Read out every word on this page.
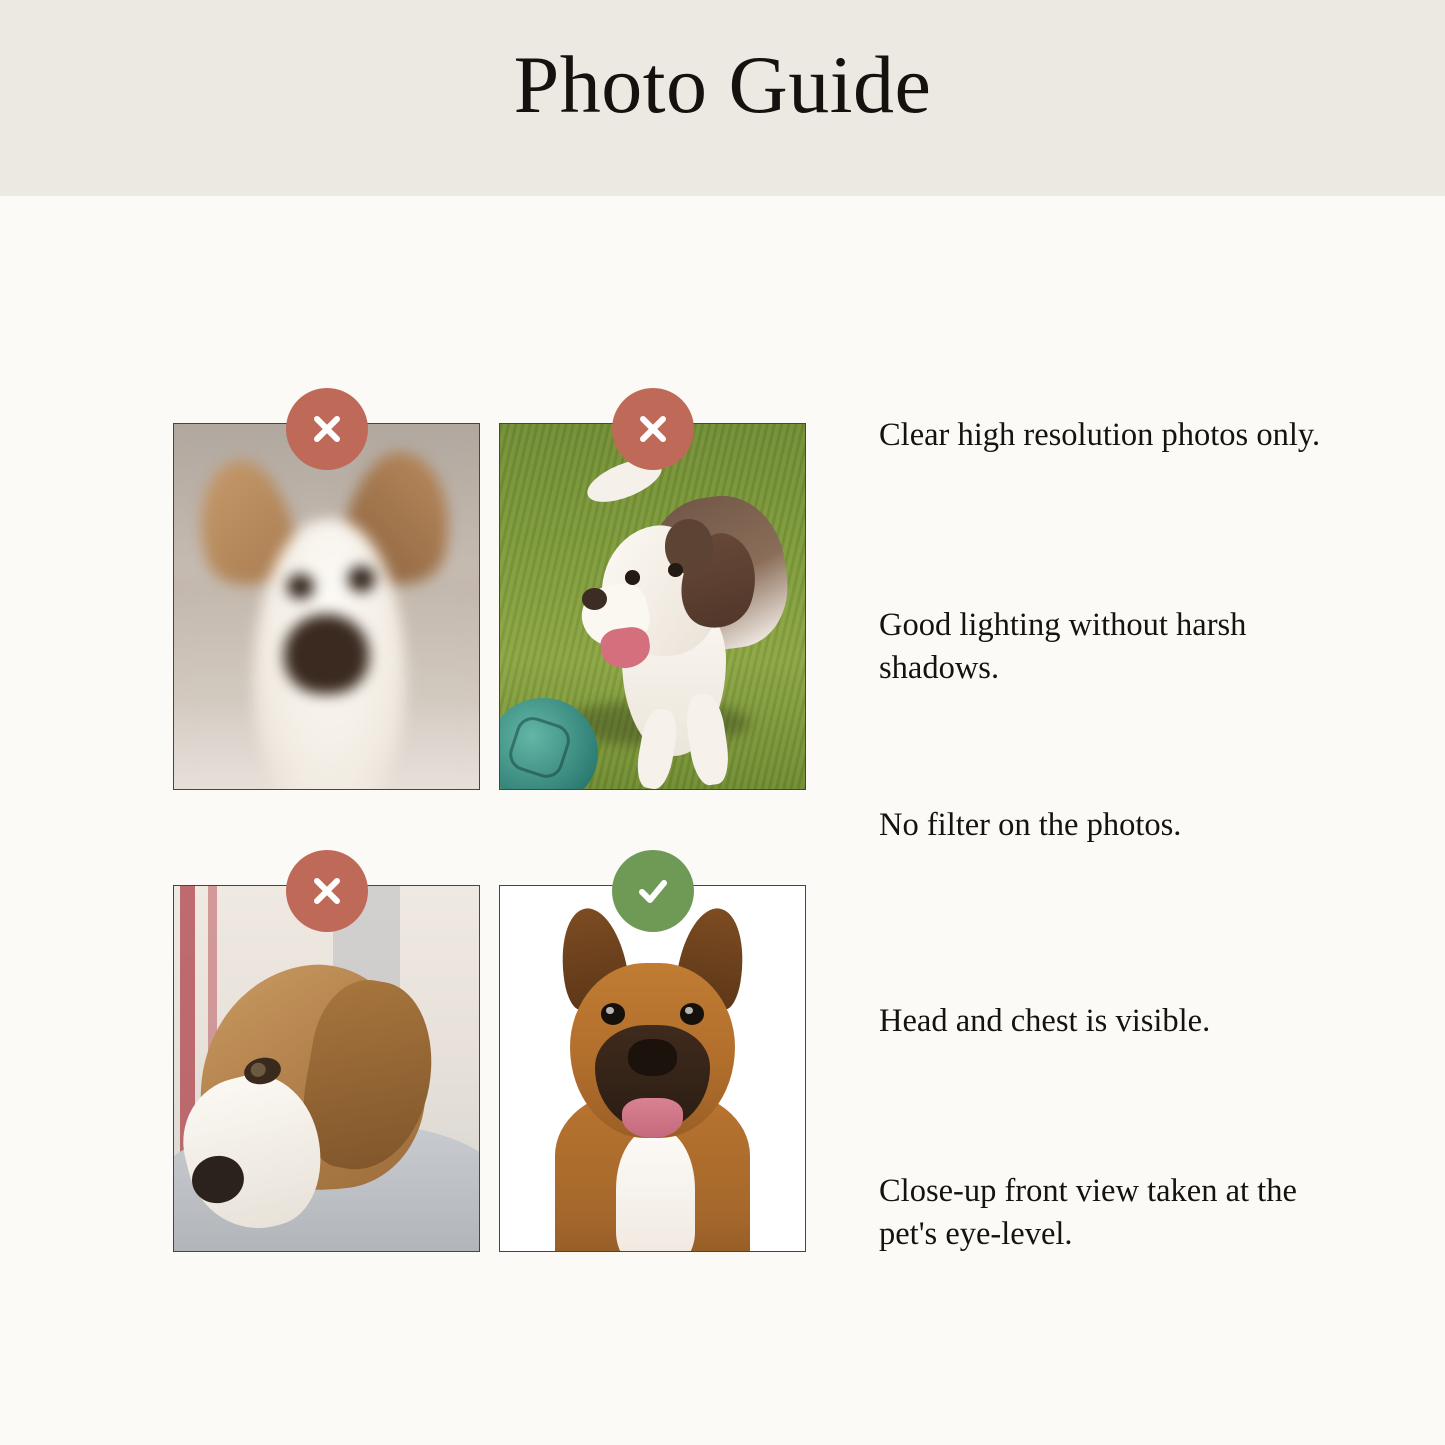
Photo Guide
Clear high resolution photos only.
Good lighting without harsh shadows.
No filter on the photos.
Head and chest is visible.
Close-up front view taken at the pet's eye-level.
